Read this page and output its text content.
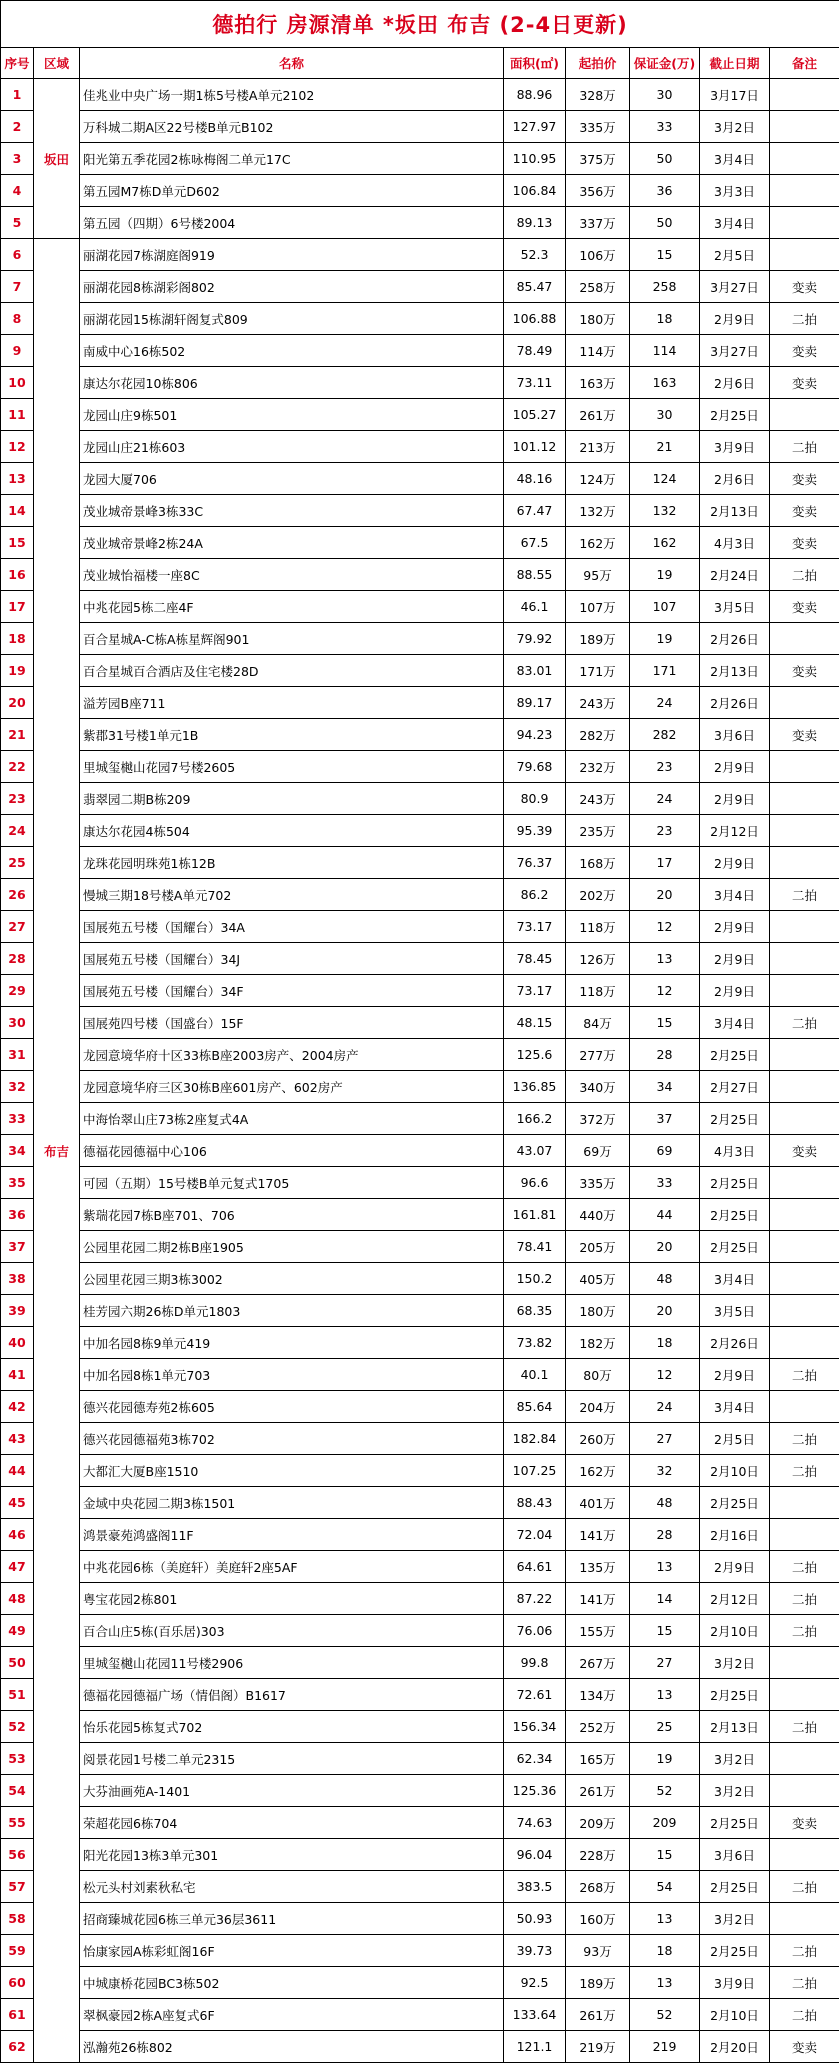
德拍行 房源清单 *坂田 布吉 (2-4日更新)							
序号	区域	名称	面积(㎡)	起拍价	保证金(万)	截止日期	备注
1	坂田	佳兆业中央广场一期1栋5号楼A单元2102	88.96	328万	30	3月17日	
2		万科城二期A区22号楼B单元B102	127.97	335万	33	3月2日	
3		阳光第五季花园2栋咏梅阁二单元17C	110.95	375万	50	3月4日	
4		第五园M7栋D单元D602	106.84	356万	36	3月3日	
5		第五园（四期）6号楼2004	89.13	337万	50	3月4日	
6	布吉	丽湖花园7栋湖庭阁919	52.3	106万	15	2月5日	
7		丽湖花园8栋湖彩阁802	85.47	258万	258	3月27日	变卖
8		丽湖花园15栋湖轩阁复式809	106.88	180万	18	2月9日	二拍
9		南威中心16栋502	78.49	114万	114	3月27日	变卖
10		康达尔花园10栋806	73.11	163万	163	2月6日	变卖
11		龙园山庄9栋501	105.27	261万	30	2月25日	
12		龙园山庄21栋603	101.12	213万	21	3月9日	二拍
13		龙园大厦706	48.16	124万	124	2月6日	变卖
14		茂业城帝景峰3栋33C	67.47	132万	132	2月13日	变卖
15		茂业城帝景峰2栋24A	67.5	162万	162	4月3日	变卖
16		茂业城怡福楼一座8C	88.55	95万	19	2月24日	二拍
17		中兆花园5栋二座4F	46.1	107万	107	3月5日	变卖
18		百合星城A-C栋A栋星辉阁901	79.92	189万	19	2月26日	
19		百合星城百合酒店及住宅楼28D	83.01	171万	171	2月13日	变卖
20		溢芳园B座711	89.17	243万	24	2月26日	
21		紫郡31号楼1单元1B	94.23	282万	282	3月6日	变卖
22		里城玺樾山花园7号楼2605	79.68	232万	23	2月9日	
23		翡翠园二期B栋209	80.9	243万	24	2月9日	
24		康达尔花园4栋504	95.39	235万	23	2月12日	
25		龙珠花园明珠苑1栋12B	76.37	168万	17	2月9日	
26		慢城三期18号楼A单元702	86.2	202万	20	3月4日	二拍
27		国展苑五号楼（国耀台）34A	73.17	118万	12	2月9日	
28		国展苑五号楼（国耀台）34J	78.45	126万	13	2月9日	
29		国展苑五号楼（国耀台）34F	73.17	118万	12	2月9日	
30		国展苑四号楼（国盛台）15F	48.15	84万	15	3月4日	二拍
31		龙园意境华府十区33栋B座2003房产、2004房产	125.6	277万	28	2月25日	
32		龙园意境华府三区30栋B座601房产、602房产	136.85	340万	34	2月27日	
33		中海怡翠山庄73栋2座复式4A	166.2	372万	37	2月25日	
34		德福花园德福中心106	43.07	69万	69	4月3日	变卖
35		可园（五期）15号楼B单元复式1705	96.6	335万	33	2月25日	
36		紫瑞花园7栋B座701、706	161.81	440万	44	2月25日	
37		公园里花园二期2栋B座1905	78.41	205万	20	2月25日	
38		公园里花园三期3栋3002	150.2	405万	48	3月4日	
39		桂芳园六期26栋D单元1803	68.35	180万	20	3月5日	
40		中加名园8栋9单元419	73.82	182万	18	2月26日	
41		中加名园8栋1单元703	40.1	80万	12	2月9日	二拍
42		德兴花园德寿苑2栋605	85.64	204万	24	3月4日	
43		德兴花园德福苑3栋702	182.84	260万	27	2月5日	二拍
44		大都汇大厦B座1510	107.25	162万	32	2月10日	二拍
45		金域中央花园二期3栋1501	88.43	401万	48	2月25日	
46		鸿景豪苑鸿盛阁11F	72.04	141万	28	2月16日	
47		中兆花园6栋（美庭轩）美庭轩2座5AF	64.61	135万	13	2月9日	二拍
48		粤宝花园2栋801	87.22	141万	14	2月12日	二拍
49		百合山庄5栋(百乐居)303	76.06	155万	15	2月10日	二拍
50		里城玺樾山花园11号楼2906	99.8	267万	27	3月2日	
51		德福花园德福广场（情侣阁）B1617	72.61	134万	13	2月25日	
52		怡乐花园5栋复式702	156.34	252万	25	2月13日	二拍
53		阅景花园1号楼二单元2315	62.34	165万	19	3月2日	
54		大芬油画苑A-1401	125.36	261万	52	3月2日	
55		荣超花园6栋704	74.63	209万	209	2月25日	变卖
56		阳光花园13栋3单元301	96.04	228万	15	3月6日	
57		松元头村刘素秋私宅	383.5	268万	54	2月25日	二拍
58		招商臻城花园6栋三单元36层3611	50.93	160万	13	3月2日	
59		怡康家园A栋彩虹阁16F	39.73	93万	18	2月25日	二拍
60		中城康桥花园BC3栋502	92.5	189万	13	3月9日	二拍
61		翠枫豪园2栋A座复式6F	133.64	261万	52	2月10日	二拍
62		泓瀚苑26栋802	121.1	219万	219	2月20日	变卖
